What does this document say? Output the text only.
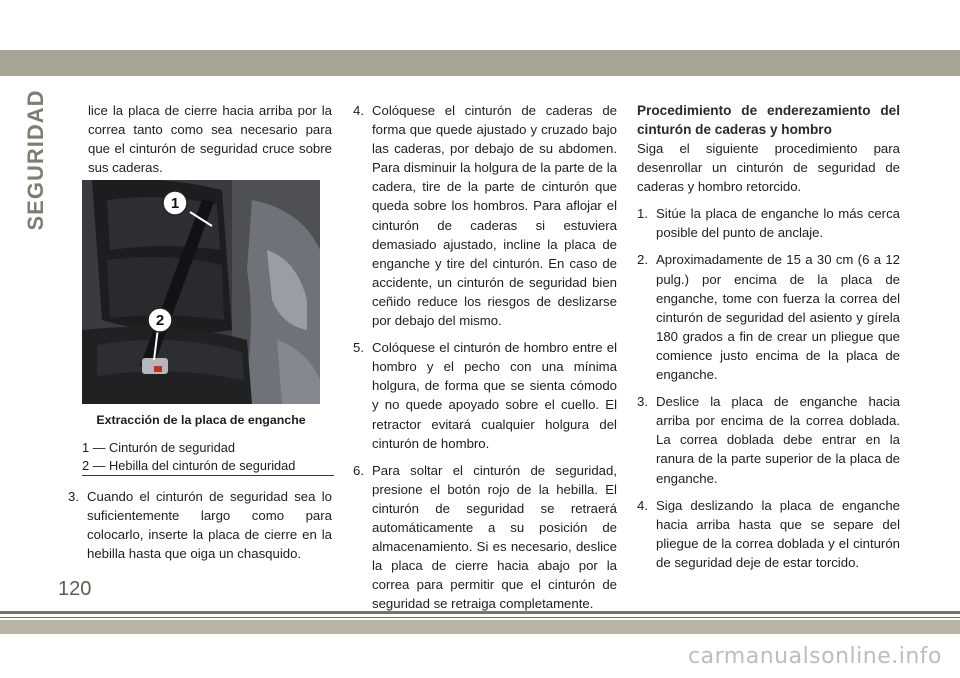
SEGURIDAD	lice la placa de cierre hacia arriba por la correa tanto como sea necesario para que el cinturón de seguridad cruce sobre sus caderas.

1
2
Extracción de la placa de enganche
1 — Cinturón de seguridad
2 — Hebilla del cinturón de seguridad
3. Cuando el cinturón de seguridad sea lo suficientemente largo como para colocarlo, inserte la placa de cierre en la hebilla hasta que oiga un chasquido.
4. Colóquese el cinturón de caderas de forma que quede ajustado y cruzado bajo las caderas, por debajo de su abdomen. Para disminuir la holgura de la parte de la cadera, tire de la parte de cinturón que queda sobre los hombros. Para aflojar el cinturón de caderas si estuviera demasiado ajustado, incline la placa de enganche y tire del cinturón. En caso de accidente, un cinturón de seguridad bien ceñido reduce los riesgos de deslizarse por debajo del mismo.
5. Colóquese el cinturón de hombro entre el hombro y el pecho con una mínima holgura, de forma que se sienta cómodo y no quede apoyado sobre el cuello. El retractor evitará cualquier holgura del cinturón de hombro.
6. Para soltar el cinturón de seguridad, presione el botón rojo de la hebilla. El cinturón de seguridad se retraerá automáticamente a su posición de almacenamiento. Si es necesario, deslice la placa de cierre hacia abajo por la correa para permitir que el cinturón de seguridad se retraiga completamente.

Procedimiento de enderezamiento del cinturón de caderas y hombro

Siga el siguiente procedimiento para desenrollar un cinturón de seguridad de caderas y hombro retorcido.

1. Sitúe la placa de enganche lo más cerca posible del punto de anclaje.
2. Aproximadamente de 15 a 30 cm (6 a 12 pulg.) por encima de la placa de enganche, tome con fuerza la correa del cinturón de seguridad del asiento y gírela 180 grados a fin de crear un pliegue que comience justo encima de la placa de enganche.
3. Deslice la placa de enganche hacia arriba por encima de la correa doblada. La correa doblada debe entrar en la ranura de la parte superior de la placa de enganche.
4. Siga deslizando la placa de enganche hacia arriba hasta que se separe del pliegue de la correa doblada y el cinturón de seguridad deje de estar torcido.
120
carmanualsonline.info
